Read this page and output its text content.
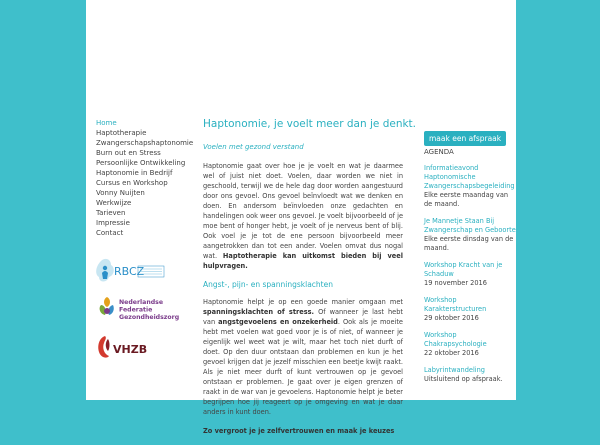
Home
Haptotherapie
Zwangerschapshaptonomie
Burn out en Stress
Persoonlijke Ontwikkeling
Haptonomie in Bedrijf
Cursus en Workshop
Vonny Nuijten
Werkwijze
Tarieven
Impressie
Contact
RBCZ
Nederlandse
Federatie
Gezondheidszorg
VHZB
Haptonomie, je voelt meer dan je denkt.
Voelen met gezond verstand

Haptonomie gaat over hoe je je voelt en wat je daarmee wel of juist niet doet. Voelen, daar worden we niet in geschoold, terwijl we de hele dag door worden aangestuurd door ons gevoel. Ons gevoel beïnvloedt wat we denken en doen. En andersom beïnvloeden onze gedachten en handelingen ook weer ons gevoel. Je voelt bijvoorbeeld of je moe bent of honger hebt, je voelt of je nerveus bent of blij. Ook voel je je tot de ene persoon bijvoorbeeld meer aangetrokken dan tot een ander. Voelen omvat dus nogal wat. Haptotherapie kan uitkomst bieden bij veel hulpvragen.

Angst-, pijn- en spanningsklachten

Haptonomie helpt je op een goede manier omgaan met spanningsklachten of stress. Of wanneer je last hebt van angstgevoelens en onzekerheid. Ook als je moeite hebt met voelen wat goed voor je is of niet, of wanneer je eigenlijk wel weet wat je wilt, maar het toch niet durft of doet. Op den duur ontstaan dan problemen en kun je het gevoel krijgen dat je jezelf misschien een beetje kwijt raakt. Als je niet meer durft of kunt vertrouwen op je gevoel ontstaan er problemen. Je gaat over je eigen grenzen of raakt in de war van je gevoelens. Haptonomie helpt je beter begrijpen hoe jij reageert op je omgeving en wat je daar anders in kunt doen.

Zo vergroot je je zelfvertrouwen en maak je keuzes

maak een afspraak
AGENDA
Informatieavond Haptonomische Zwangerschapsbegeleiding
Elke eerste maandag van de maand.
Je Mannetje Staan Bij Zwangerschap en Geboorte
Elke eerste dinsdag van de maand.
Workshop Kracht van je Schaduw
19 november 2016
Workshop Karakterstructuren
29 oktober 2016
Workshop Chakrapsychologie
22 oktober 2016
Labyrintwandeling
Uitsluitend op afspraak.
